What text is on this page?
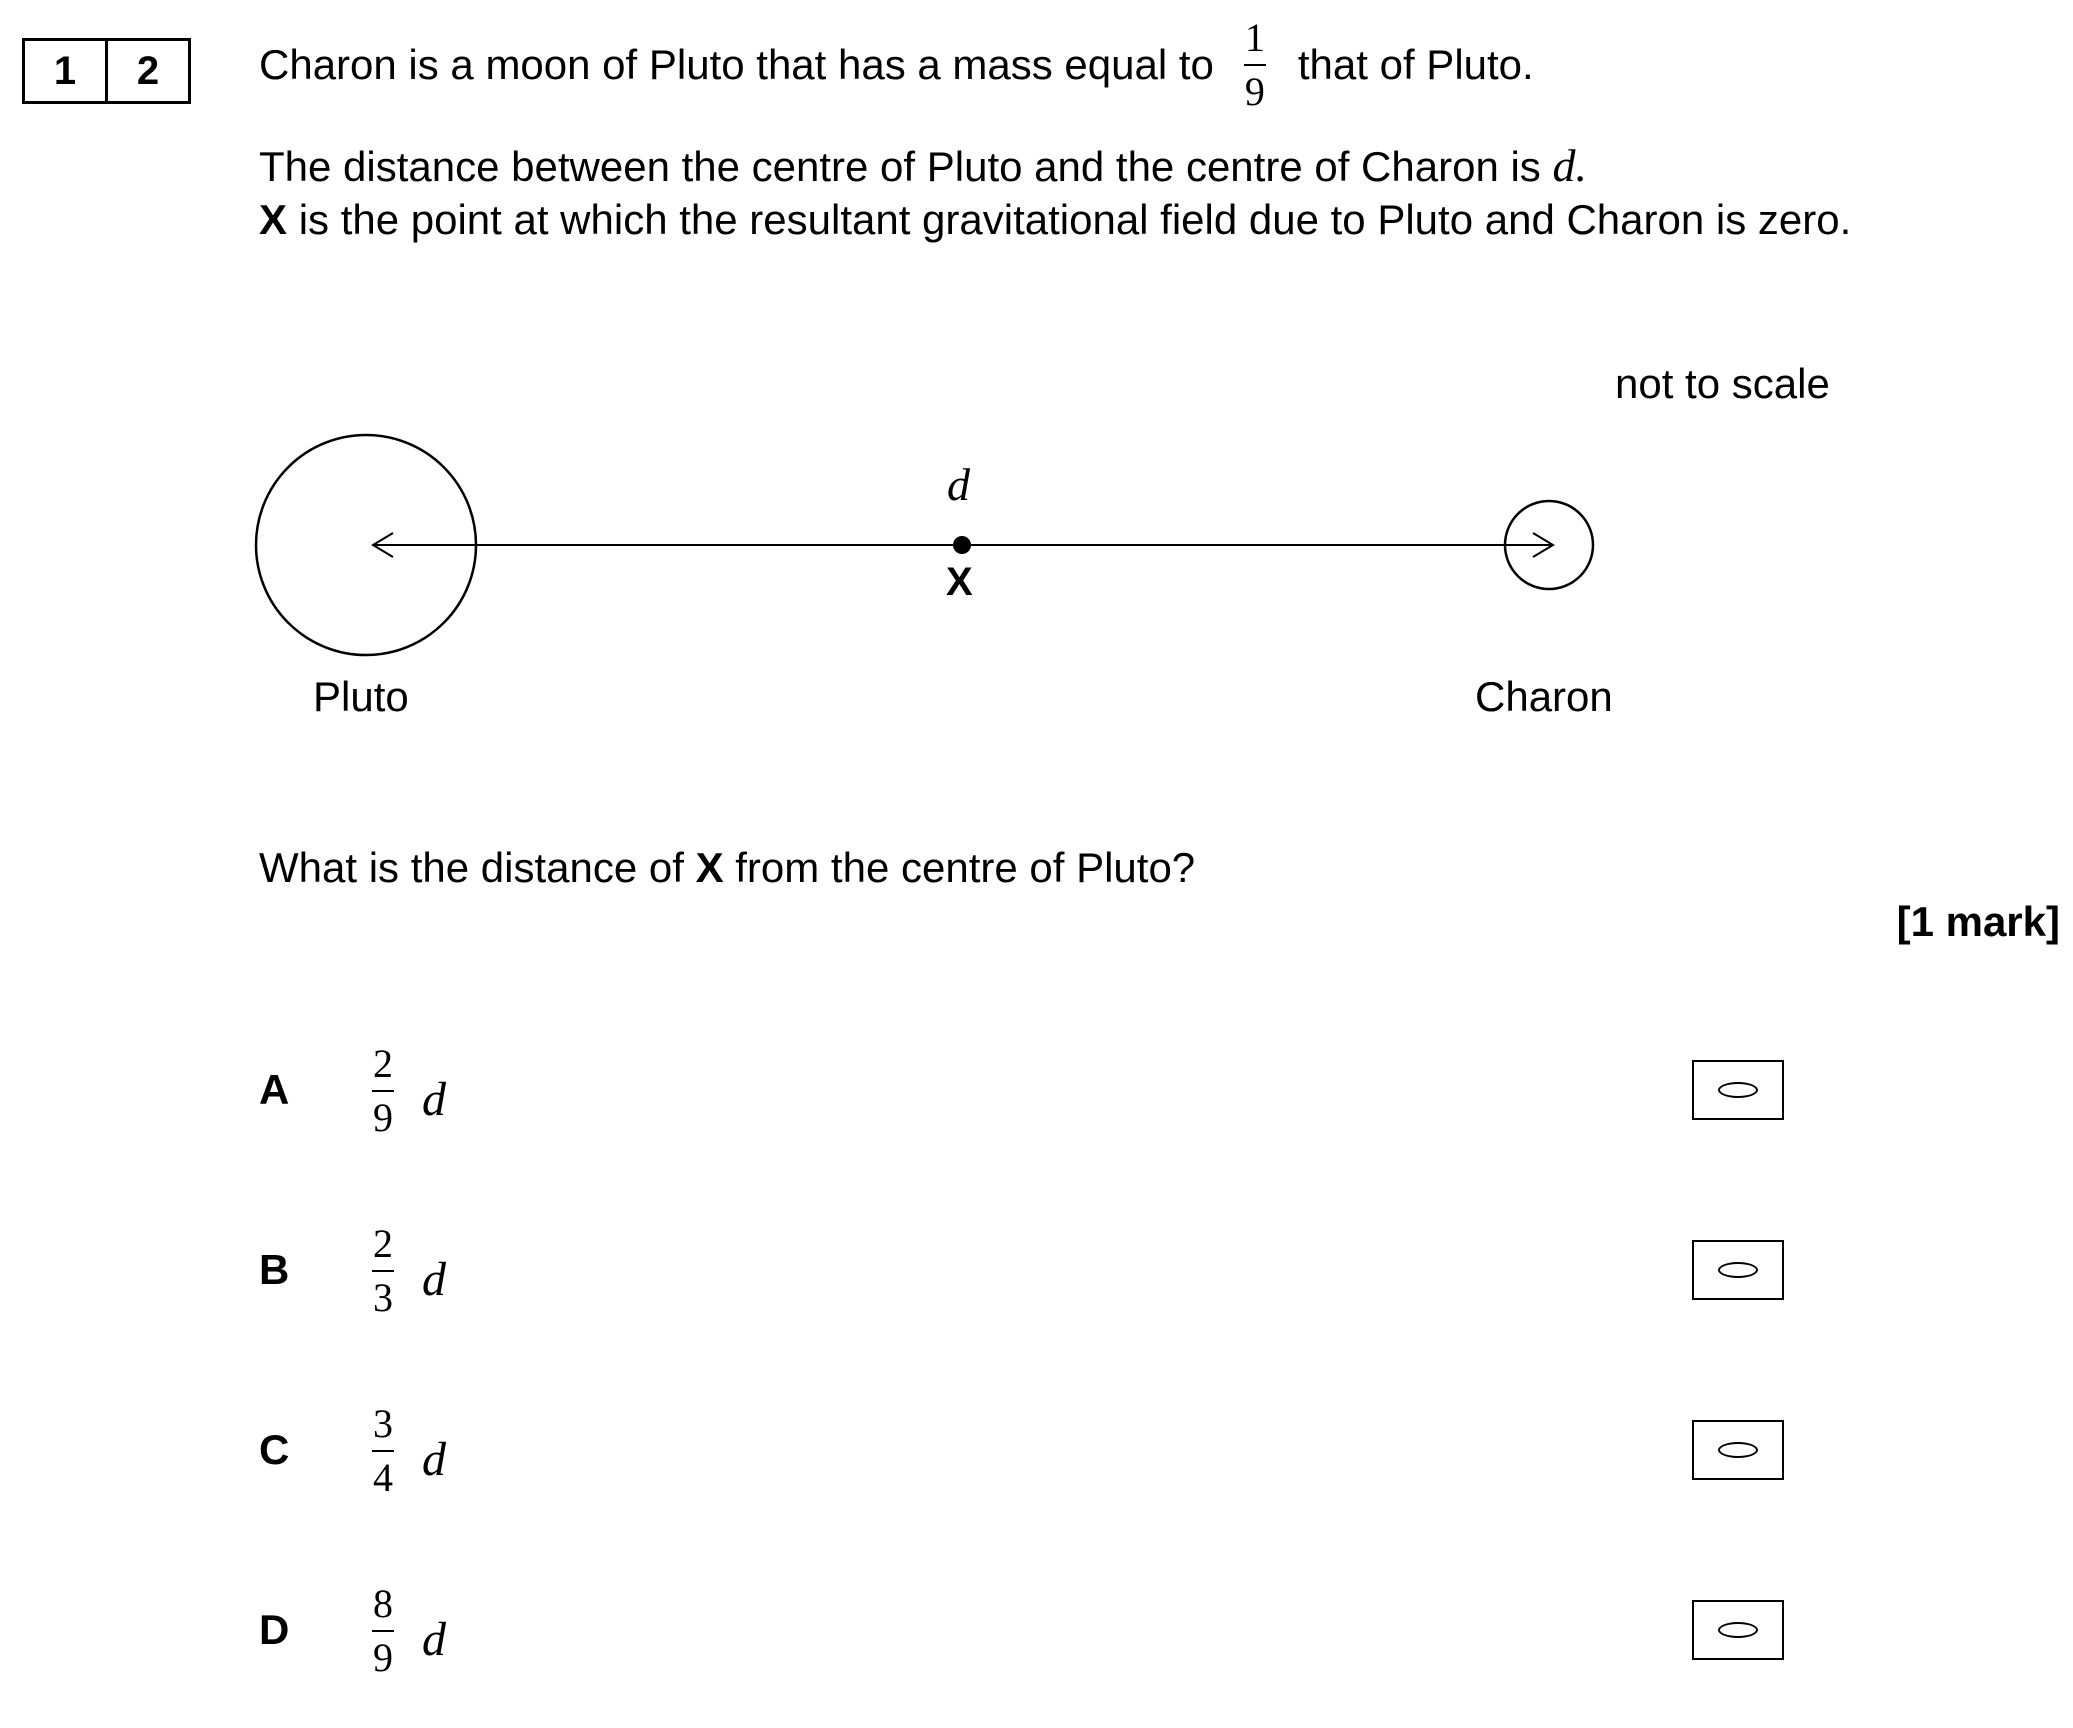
1	2	Charon is a moon of Pluto that has a mass equal to $\frac{1}{9}$ that of Pluto.
The distance between the centre of Pluto and the centre of Charon is d.
X is the point at which the resultant gravitational field due to Pluto and Charon is zero.
not to scale
d
X
Pluto	Charon
What is the distance of X from the centre of Pluto?
[1 mark]
A
2
9 d
B
2
3 d
C
3
4 d
D
8
9 d
